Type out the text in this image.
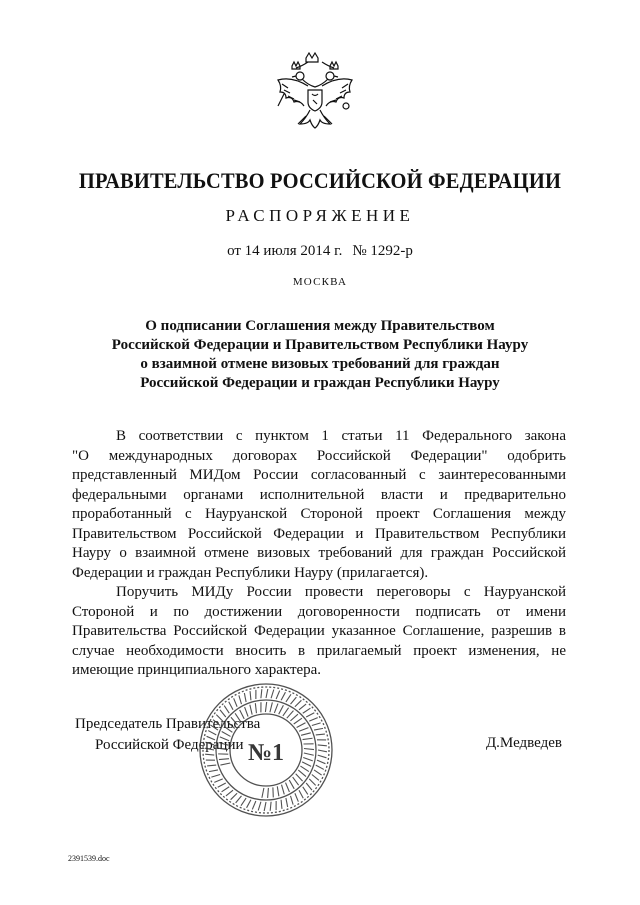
ПРАВИТЕЛЬСТВО РОССИЙСКОЙ ФЕДЕРАЦИИ
РАСПОРЯЖЕНИЕ
от 14 июля 2014 г. № 1292-р
МОСКВА
О подписании Соглашения между Правительством
Российской Федерации и Правительством Республики Науру
о взаимной отмене визовых требований для граждан
Российской Федерации и граждан Республики Науру
В соответствии с пунктом 1 статьи 11 Федерального закона
"О международных договорах Российской Федерации" одобрить
представленный МИДом России согласованный с заинтересованными
федеральными органами исполнительной власти и предварительно
проработанный с Науруанской Стороной проект Соглашения между
Правительством Российской Федерации и Правительством Республики
Науру о взаимной отмене визовых требований для граждан Российской
Федерации и граждан Республики Науру (прилагается).
Поручить МИДу России провести переговоры с Науруанской
Стороной и по достижении договоренности подписать от имени
Правительства Российской Федерации указанное Соглашение, разрешив в
случае необходимости вносить в прилагаемый проект изменения, не
имеющие принципиального характера.
Председатель Правительства
Российской Федерации	Д.Медведев
№1
2391539.doc
